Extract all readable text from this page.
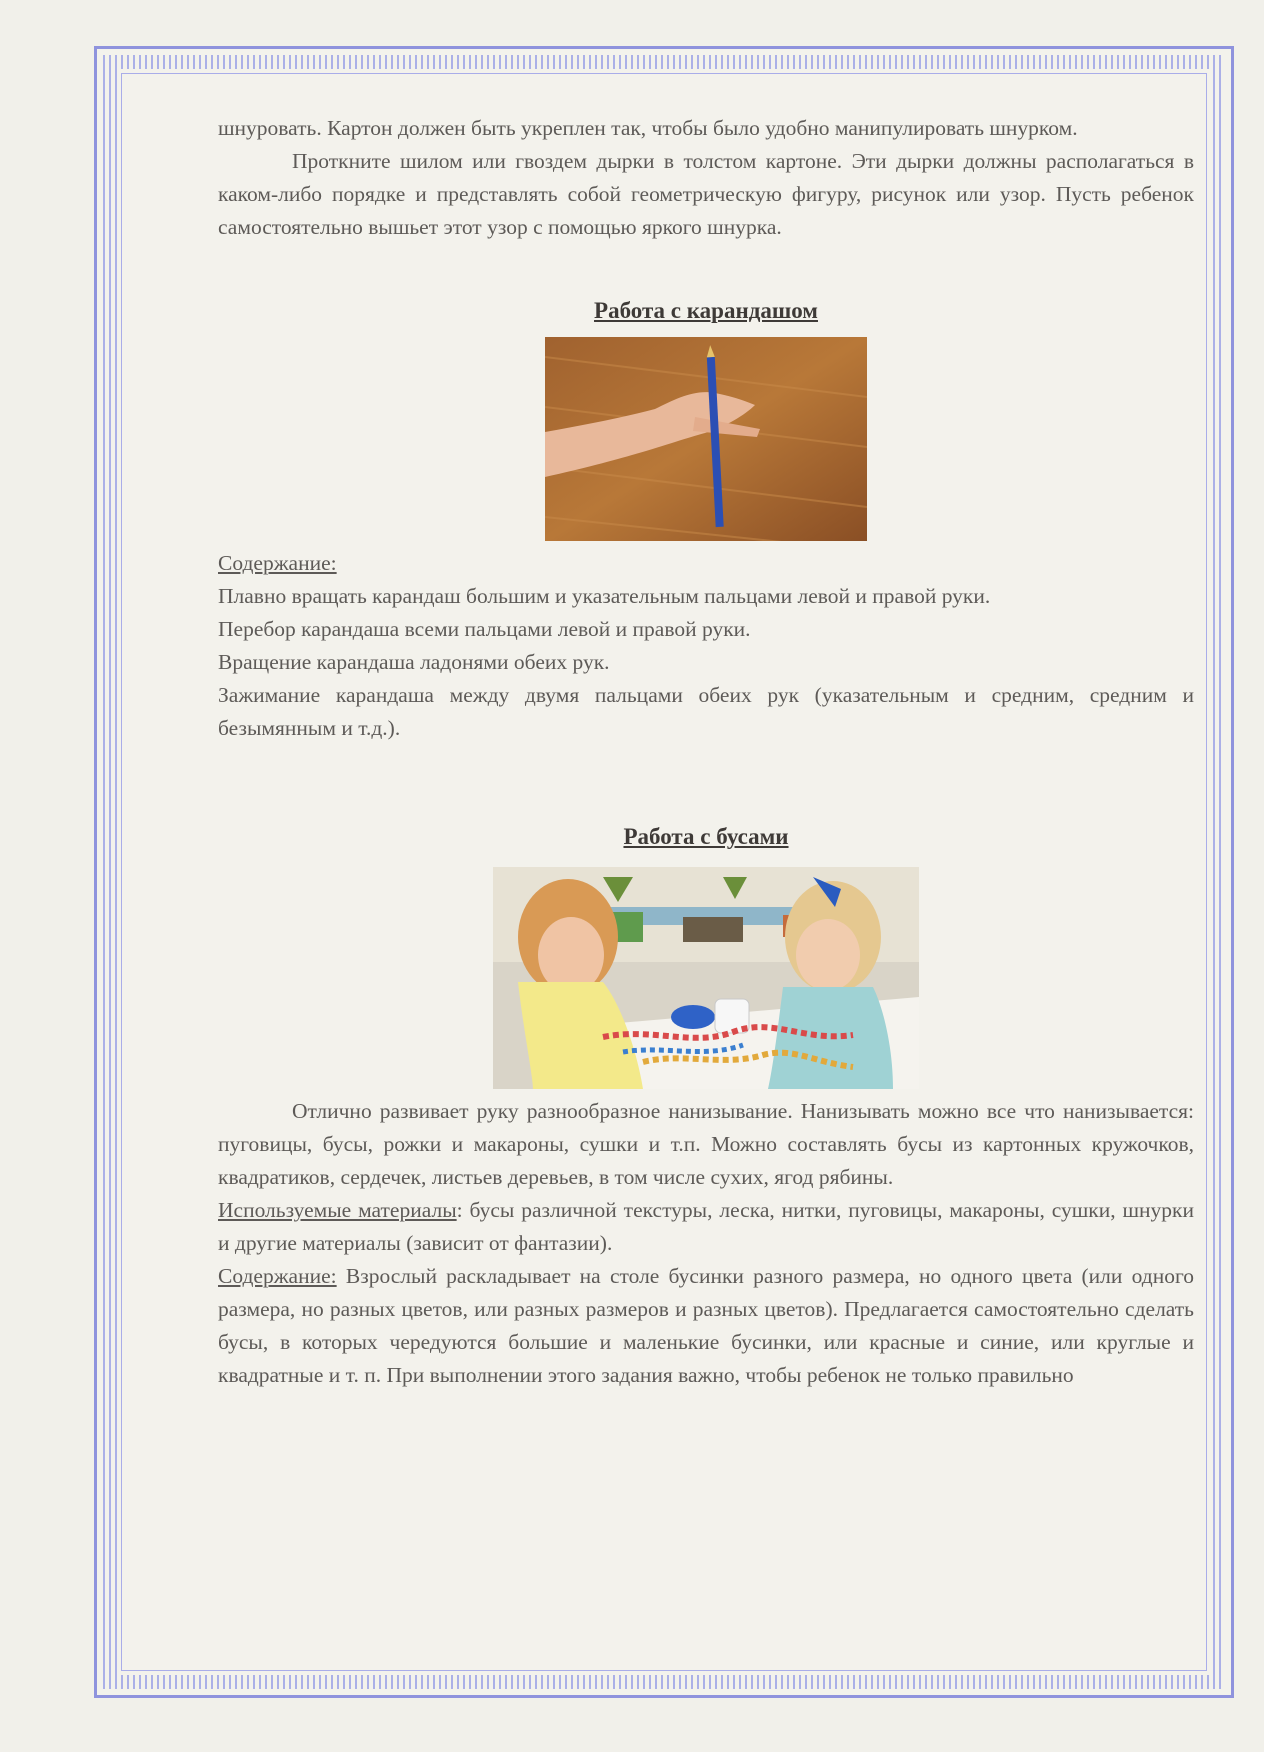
шнуровать. Картон должен быть укреплен так, чтобы было удобно манипулировать шнурком.

Проткните шилом или гвоздем дырки в толстом картоне. Эти дырки должны располагаться в каком-либо порядке и представлять собой геометрическую фигуру, рисунок или узор. Пусть ребенок самостоятельно вышьет этот узор с помощью яркого шнурка.

Работа с карандашом

Содержание:

Плавно вращать карандаш большим и указательным пальцами левой и правой руки.

Перебор карандаша всеми пальцами левой и правой руки.

Вращение карандаша ладонями обеих рук.

Зажимание карандаша между двумя пальцами обеих рук (указательным и средним, средним и безымянным и т.д.).

Работа с бусами

Отлично развивает руку разнообразное нанизывание. Нанизывать можно все что нанизывается: пуговицы, бусы, рожки и макароны, сушки и т.п. Можно составлять бусы из картонных кружочков, квадратиков, сердечек, листьев деревьев, в том числе сухих, ягод рябины.

Используемые материалы: бусы различной текстуры, леска, нитки, пуговицы, макароны, сушки, шнурки и другие материалы (зависит от фантазии).

Содержание: Взрослый раскладывает на столе бусинки разного размера, но одного цвета (или одного размера, но разных цветов, или разных размеров и разных цветов). Предлагается самостоятельно сделать бусы, в которых чередуются большие и маленькие бусинки, или красные и синие, или круглые и квадратные и т. п. При выполнении этого задания важно, чтобы ребенок не только правильно
